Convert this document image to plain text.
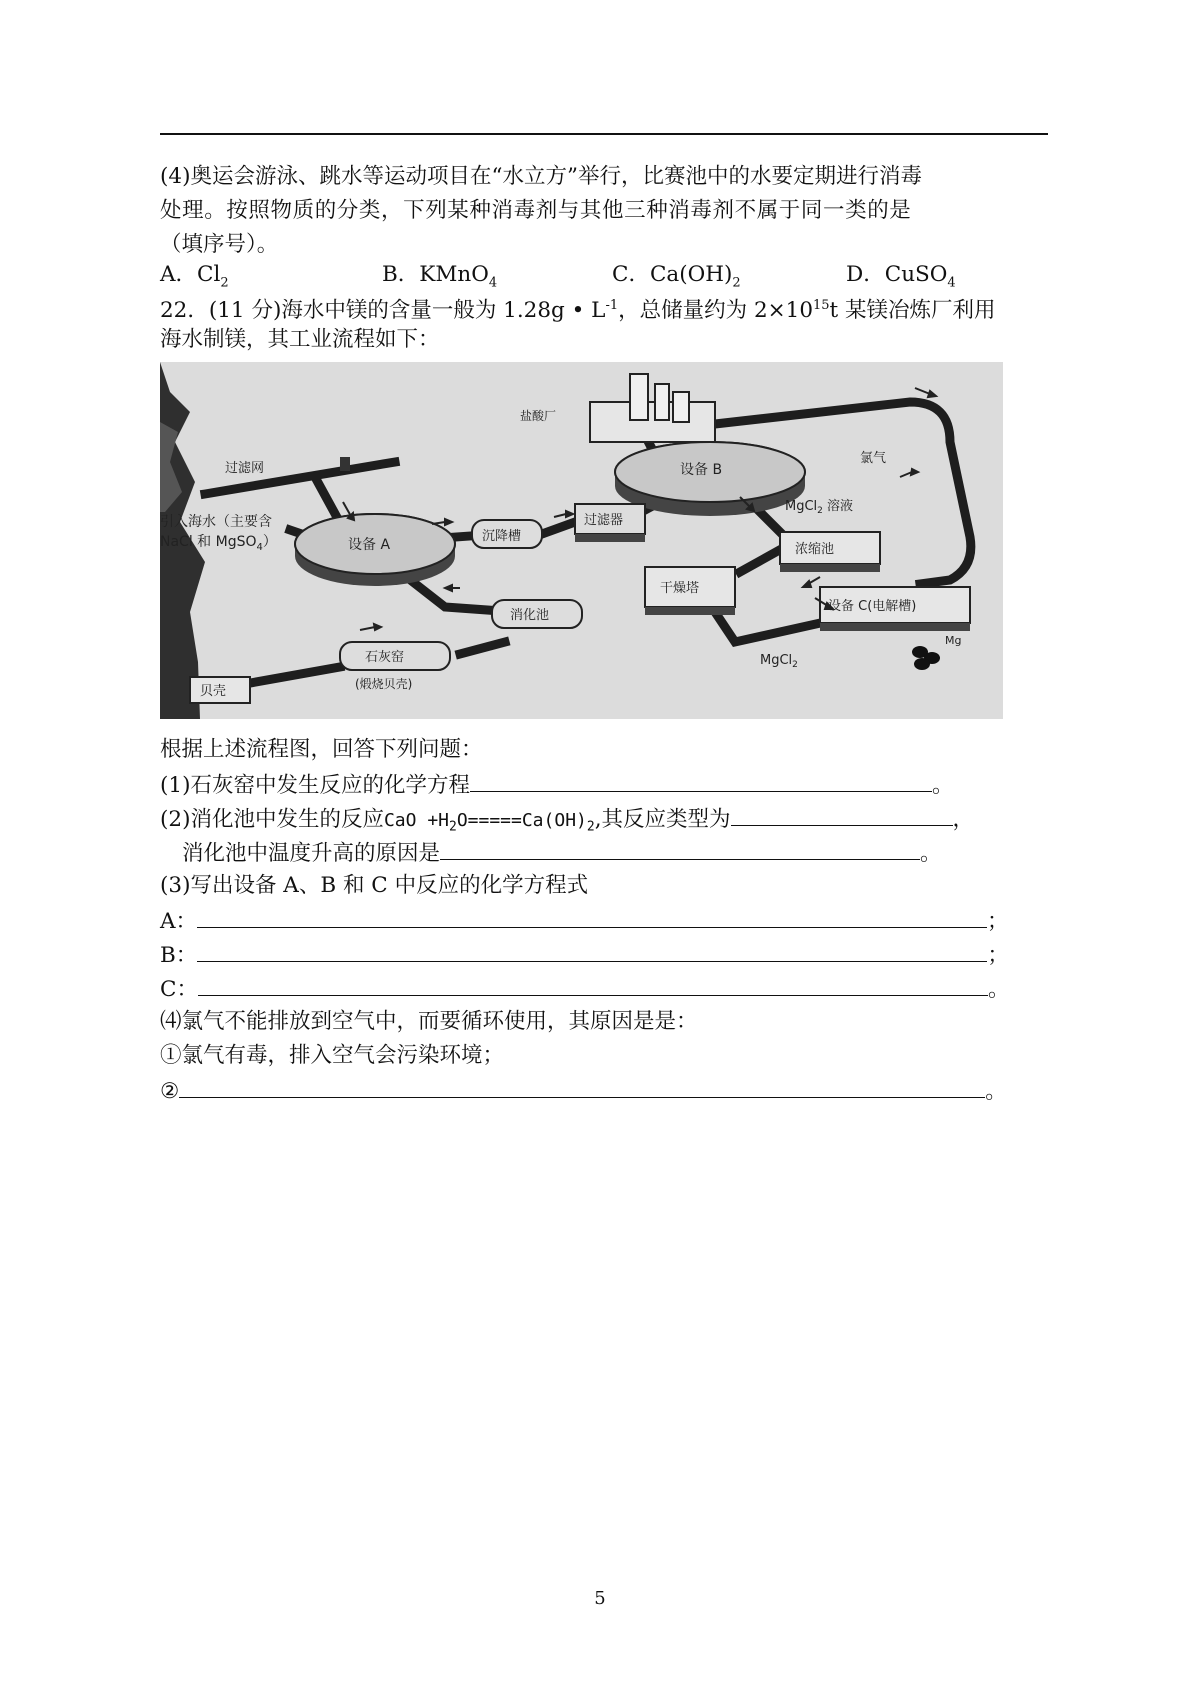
(4)奥运会游泳、跳水等运动项目在“水立方”举行，比赛池中的水要定期进行消毒
处理。按照物质的分类，下列某种消毒剂与其他三种消毒剂不属于同一类的是
（填序号）。
A．$Cl_2$	B．KMnO$_4$	C．$Ca(OH)_2$	D．CuSO$_4$
22．(11 分)海水中镁的含量一般为 1.28g • $L^{-1}$，总储量约为 $2\times 10^{15}t$ 某镁冶炼厂利用
海水制镁，其工业流程如下：
过滤网
引入海水（主要含
NaCl 和 MgSO$_4$）	设备 A
沉降槽
过滤器
设备 B
盐酸厂
氯气
MgCl$_2$ 溶液
浓缩池
干燥塔
设备 C(电解槽)
Mg
MgCl$_2$
消化池
石灰窑
(煅烧贝壳)
贝壳
根据上述流程图，回答下列问题：
(1)石灰窑中发生反应的化学方程	。
(2)消化池中发生的反应CaO $+H_2O=====Ca(OH)_2$,其反应类型为	，
消化池中温度升高的原因是	。
(3)写出设备 A、B 和 C 中反应的化学方程式
A：	；
B：	；
C：	。
⑷氯气不能排放到空气中，而要循环使用，其原因是是：
①氯气有毒，排入空气会污染环境；
②	。
5
